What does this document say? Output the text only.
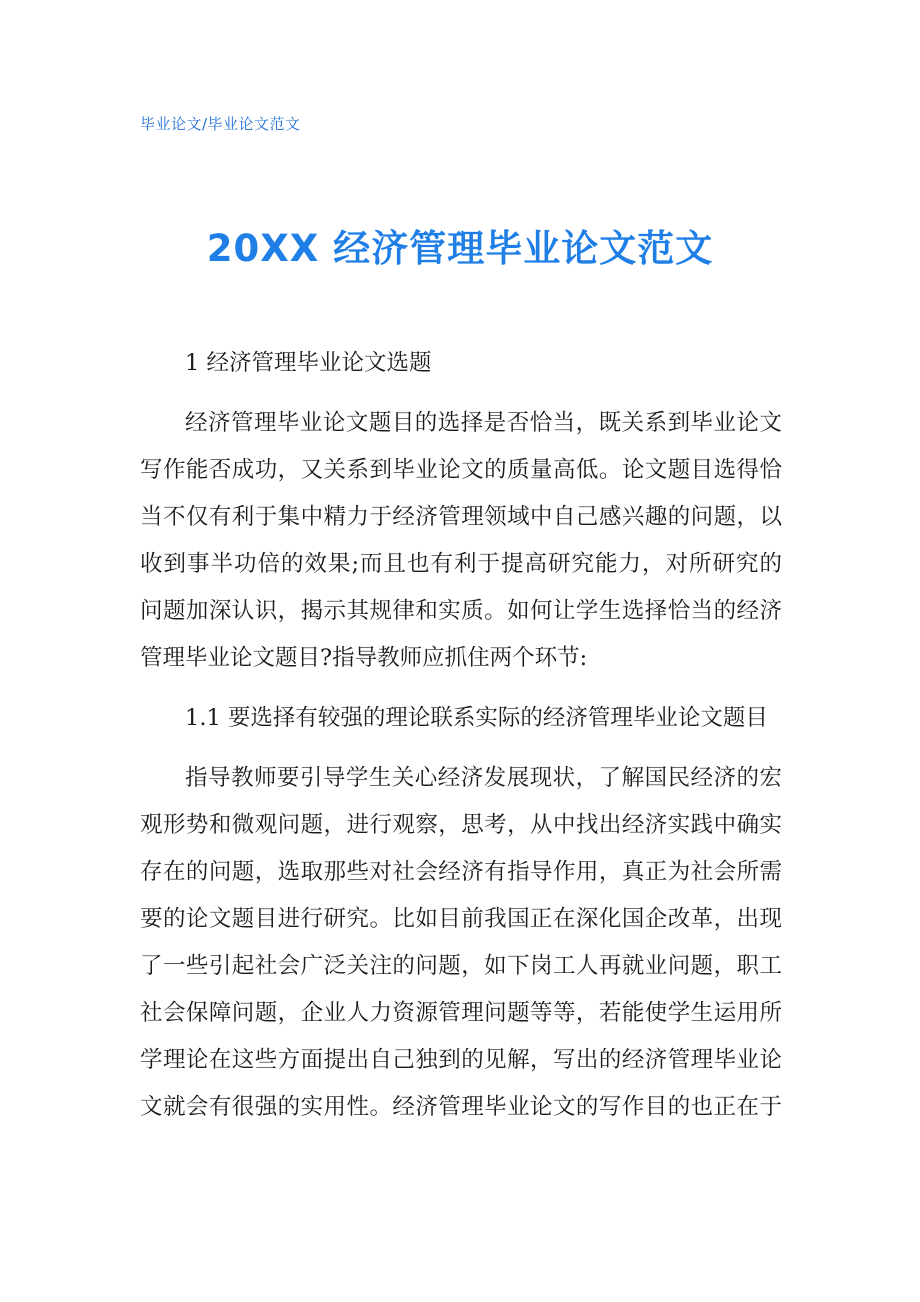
毕业论文/毕业论文范文
20XX 经济管理毕业论文范文
1 经济管理毕业论文选题
经济管理毕业论文题目的选择是否恰当，既关系到毕业论文
写作能否成功，又关系到毕业论文的质量高低。论文题目选得恰
当不仅有利于集中精力于经济管理领域中自己感兴趣的问题，以
收到事半功倍的效果;而且也有利于提高研究能力，对所研究的
问题加深认识，揭示其规律和实质。如何让学生选择恰当的经济
管理毕业论文题目?指导教师应抓住两个环节:
1.1 要选择有较强的理论联系实际的经济管理毕业论文题目
指导教师要引导学生关心经济发展现状，了解国民经济的宏
观形势和微观问题，进行观察，思考，从中找出经济实践中确实
存在的问题，选取那些对社会经济有指导作用，真正为社会所需
要的论文题目进行研究。比如目前我国正在深化国企改革，出现
了一些引起社会广泛关注的问题，如下岗工人再就业问题，职工
社会保障问题，企业人力资源管理问题等等，若能使学生运用所
学理论在这些方面提出自己独到的见解，写出的经济管理毕业论
文就会有很强的实用性。经济管理毕业论文的写作目的也正在于
